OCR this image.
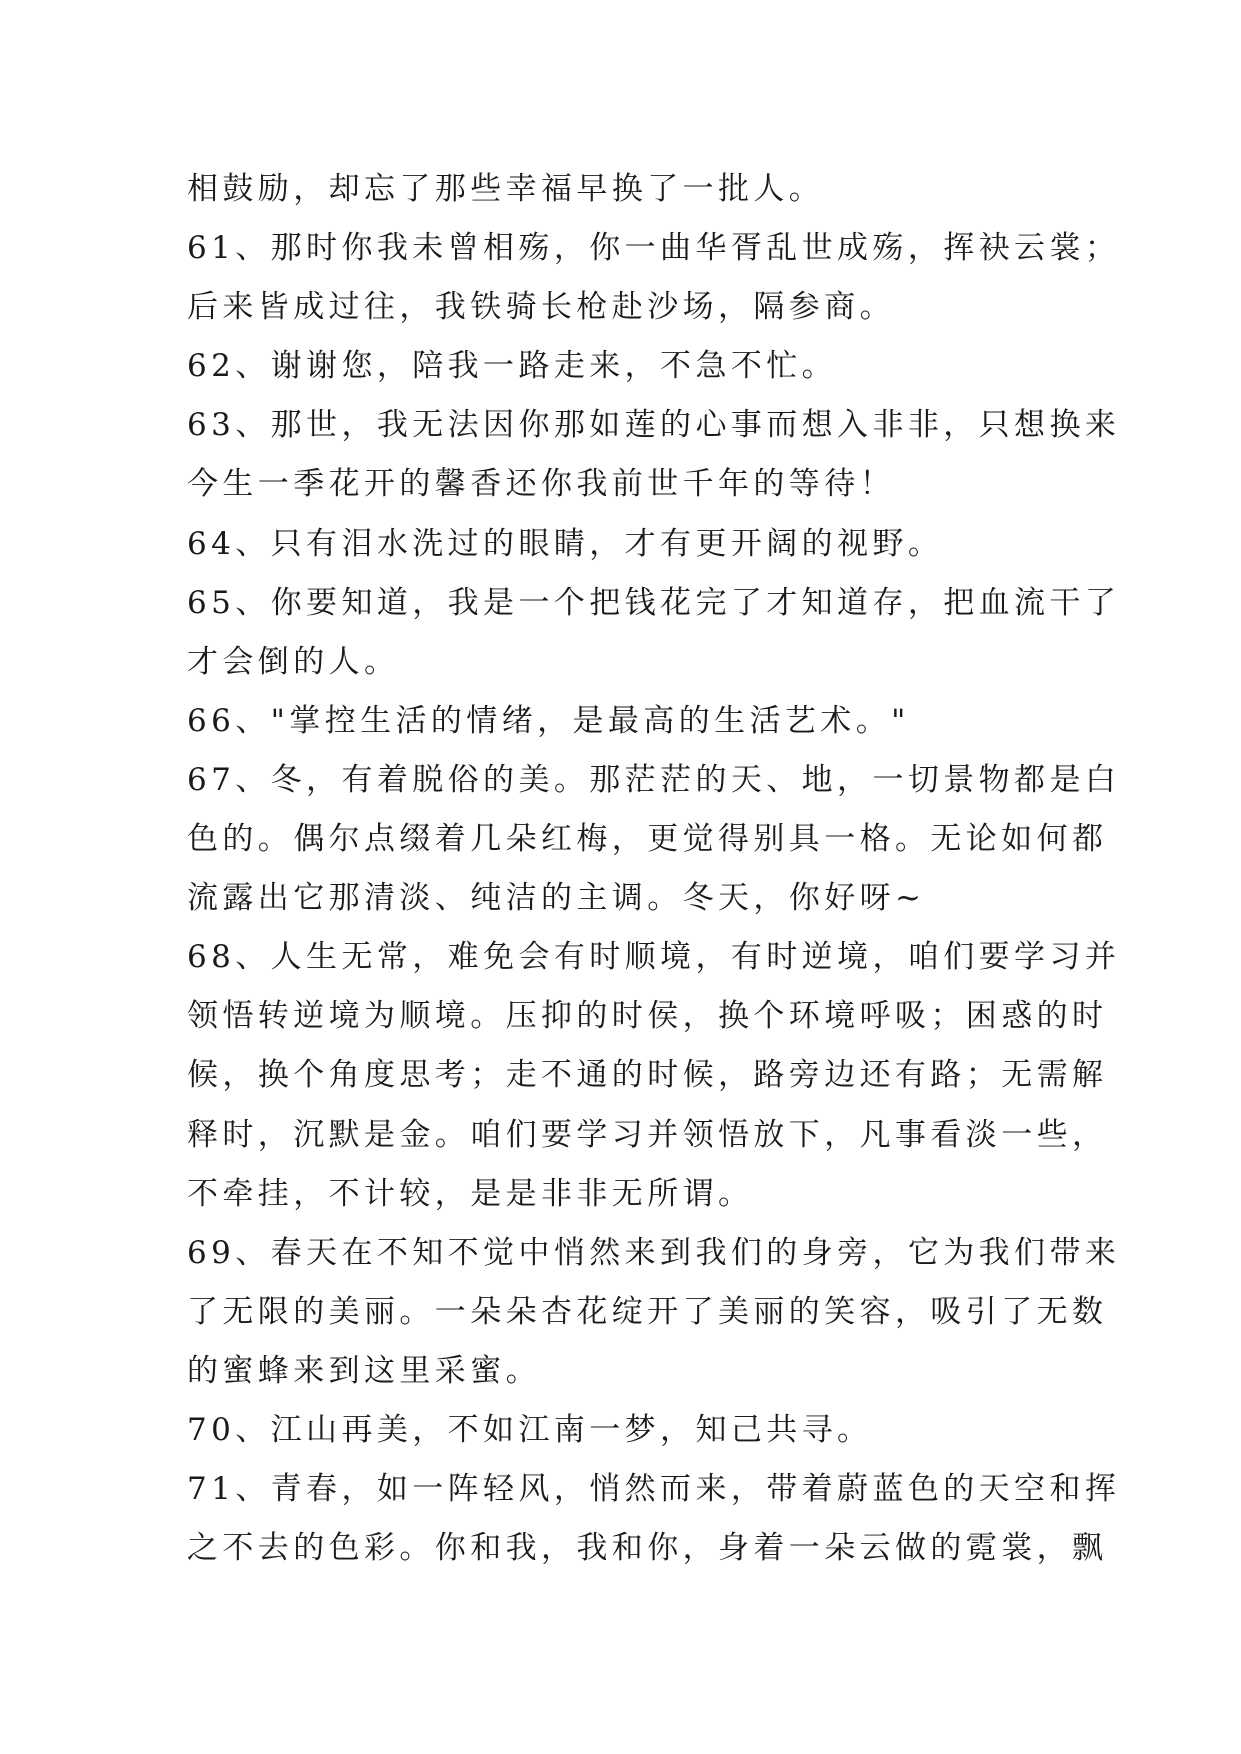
相鼓励，却忘了那些幸福早换了一批人。
61、那时你我未曾相殇，你一曲华胥乱世成殇，挥袂云裳；
后来皆成过往，我铁骑长枪赴沙场，隔参商。
62、谢谢您，陪我一路走来，不急不忙。
63、那世，我无法因你那如莲的心事而想入非非，只想换来
今生一季花开的馨香还你我前世千年的等待！
64、只有泪水洗过的眼睛，才有更开阔的视野。
65、你要知道，我是一个把钱花完了才知道存，把血流干了
才会倒的人。
66、"掌控生活的情绪，是最高的生活艺术。"
67、冬，有着脱俗的美。那茫茫的天、地，一切景物都是白
色的。偶尔点缀着几朵红梅，更觉得别具一格。无论如何都
流露出它那清淡、纯洁的主调。冬天，你好呀~
68、人生无常，难免会有时顺境，有时逆境，咱们要学习并
领悟转逆境为顺境。压抑的时侯，换个环境呼吸；困惑的时
候，换个角度思考；走不通的时候，路旁边还有路；无需解
释时，沉默是金。咱们要学习并领悟放下，凡事看淡一些，
不牵挂，不计较，是是非非无所谓。
69、春天在不知不觉中悄然来到我们的身旁，它为我们带来
了无限的美丽。一朵朵杏花绽开了美丽的笑容，吸引了无数
的蜜蜂来到这里采蜜。
70、江山再美，不如江南一梦，知己共寻。
71、青春，如一阵轻风，悄然而来，带着蔚蓝色的天空和挥
之不去的色彩。你和我，我和你，身着一朵云做的霓裳，飘
